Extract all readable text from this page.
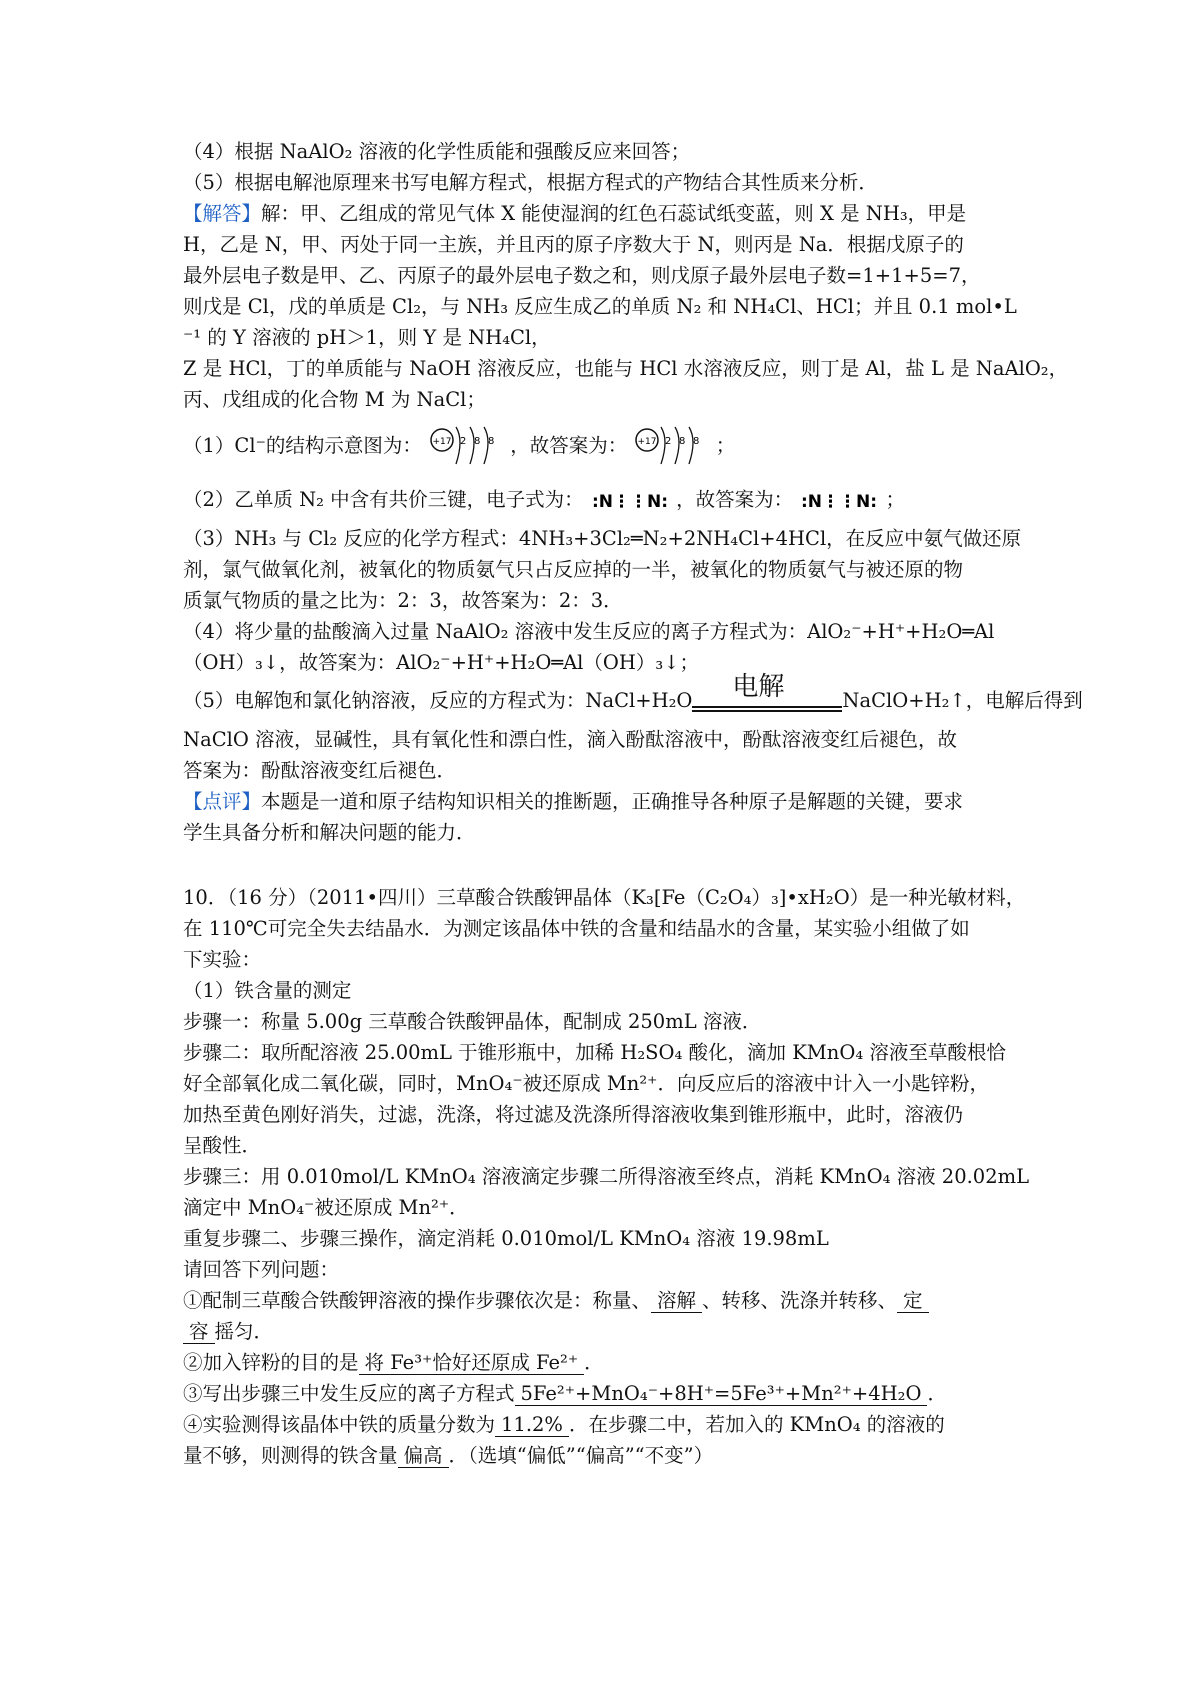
（4）根据 NaAlO₂ 溶液的化学性质能和强酸反应来回答；
（5）根据电解池原理来书写电解方程式，根据方程式的产物结合其性质来分析．
【解答】解：甲、乙组成的常见气体 X 能使湿润的红色石蕊试纸变蓝，则 X 是 NH₃，甲是
H，乙是 N，甲、丙处于同一主族，并且丙的原子序数大于 N，则丙是 Na．根据戊原子的
最外层电子数是甲、乙、丙原子的最外层电子数之和，则戊原子最外层电子数=1+1+5=7，
则戊是 Cl，戊的单质是 Cl₂，与 NH₃ 反应生成乙的单质 N₂ 和 NH₄Cl、HCl；并且 0.1 mol•L
⁻¹ 的 Y 溶液的 pH＞1，则 Y 是 NH₄Cl，
Z 是 HCl，丁的单质能与 NaOH 溶液反应，也能与 HCl 水溶液反应，则丁是 Al，盐 L 是 NaAlO₂，
丙、戊组成的化合物 M 为 NaCl；
（1）Cl⁻的结构示意图为： +17 2 8 8 ，故答案为： +17 2 8 8 ；
（2）乙单质 N₂ 中含有共价三键，电子式为： :N⋮⋮N: ，故答案为： :N⋮⋮N: ；
（3）NH₃ 与 Cl₂ 反应的化学方程式：4NH₃+3Cl₂═N₂+2NH₄Cl+4HCl，在反应中氨气做还原
剂，氯气做氧化剂，被氧化的物质氨气只占反应掉的一半，被氧化的物质氨气与被还原的物
质氯气物质的量之比为：2：3，故答案为：2：3．
（4）将少量的盐酸滴入过量 NaAlO₂ 溶液中发生反应的离子方程式为：AlO₂⁻+H⁺+H₂O═Al
（OH）₃↓，故答案为：AlO₂⁻+H⁺+H₂O═Al（OH）₃↓；
（5）电解饱和氯化钠溶液，反应的方程式为：NaCl+H₂O 电解	NaClO+H₂↑，电解后得到
NaClO 溶液，显碱性，具有氧化性和漂白性，滴入酚酞溶液中，酚酞溶液变红后褪色，故
答案为：酚酞溶液变红后褪色．
【点评】本题是一道和原子结构知识相关的推断题，正确推导各种原子是解题的关键，要求
学生具备分析和解决问题的能力．
10．（16 分）（2011•四川）三草酸合铁酸钾晶体（K₃[Fe（C₂O₄）₃]•xH₂O）是一种光敏材料，
在 110℃可完全失去结晶水．为测定该晶体中铁的含量和结晶水的含量，某实验小组做了如
下实验：
（1）铁含量的测定
步骤一：称量 5.00g 三草酸合铁酸钾晶体，配制成 250mL 溶液．
步骤二：取所配溶液 25.00mL 于锥形瓶中，加稀 H₂SO₄ 酸化，滴加 KMnO₄ 溶液至草酸根恰
好全部氧化成二氧化碳，同时，MnO₄⁻被还原成 Mn²⁺．向反应后的溶液中计入一小匙锌粉，
加热至黄色刚好消失，过滤，洗涤，将过滤及洗涤所得溶液收集到锥形瓶中，此时，溶液仍
呈酸性．
步骤三：用 0.010mol/L KMnO₄ 溶液滴定步骤二所得溶液至终点，消耗 KMnO₄ 溶液 20.02mL
滴定中 MnO₄⁻被还原成 Mn²⁺．
重复步骤二、步骤三操作，滴定消耗 0.010mol/L KMnO₄ 溶液 19.98mL
请回答下列问题：
①配制三草酸合铁酸钾溶液的操作步骤依次是：称量、 溶解 、转移、洗涤并转移、 定
容 摇匀．
②加入锌粉的目的是 将 Fe³⁺恰好还原成 Fe²⁺ ．
③写出步骤三中发生反应的离子方程式 5Fe²⁺+MnO₄⁻+8H⁺=5Fe³⁺+Mn²⁺+4H₂O ．
④实验测得该晶体中铁的质量分数为 11.2% ．在步骤二中，若加入的 KMnO₄ 的溶液的
量不够，则测得的铁含量 偏高 ．（选填“偏低”“偏高”“不变”）
